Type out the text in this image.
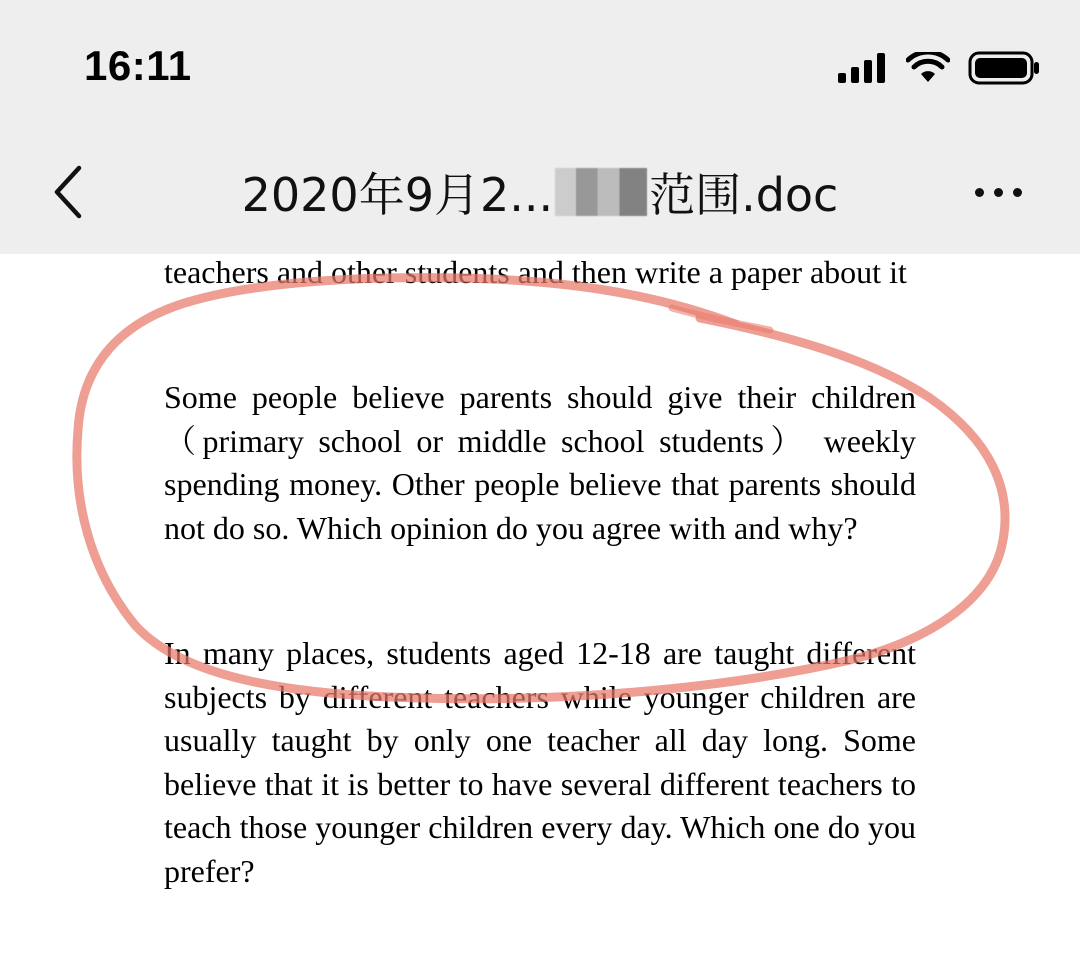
16:11
2020年9月2... 范围.doc

teachers and other students and then write a paper about it

Some people believe parents should give their children （primary school or middle school students） weekly spending money. Other people believe that parents should not do so. Which opinion do you agree with and why?

In many places, students aged 12-18 are taught different subjects by different teachers while younger children are usually taught by only one teacher all day long. Some believe that it is better to have several different teachers to teach those younger children every day. Which one do you prefer?
